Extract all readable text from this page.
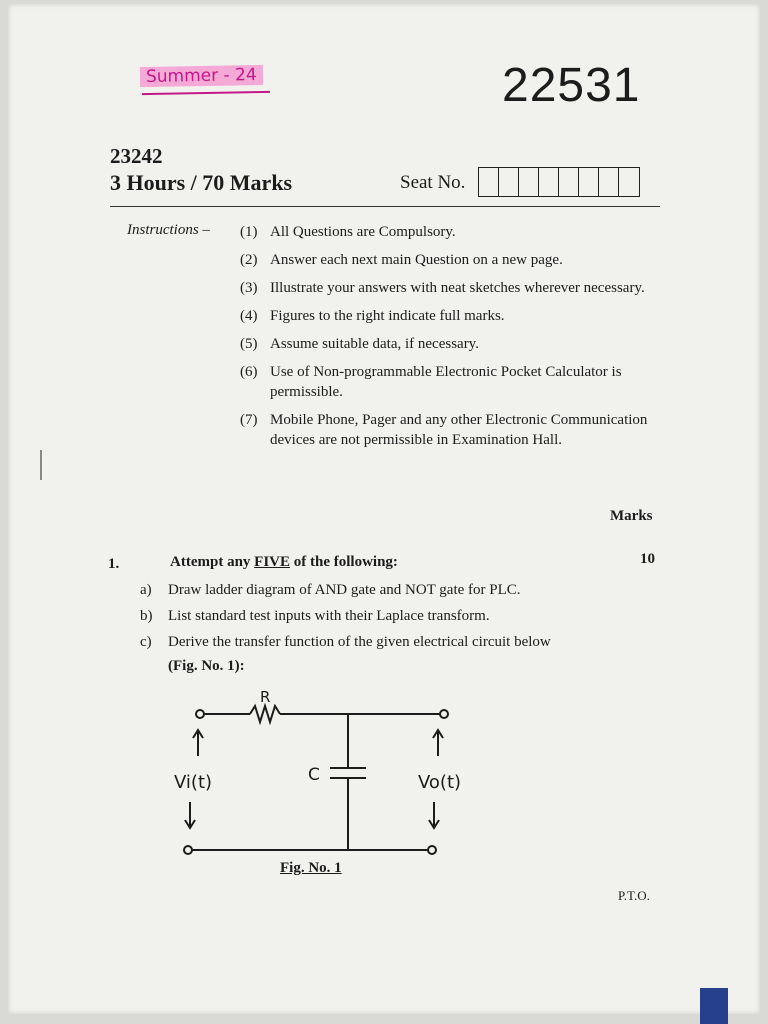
Summer - 24	22531
23242
3 Hours / 70 Marks	Seat No.
Instructions – (1) All Questions are Compulsory.
(2) Answer each next main Question on a new page.
(3) Illustrate your answers with neat sketches wherever necessary.
(4) Figures to the right indicate full marks.
(5) Assume suitable data, if necessary.
(6) Use of Non-programmable Electronic Pocket Calculator is permissible.
(7) Mobile Phone, Pager and any other Electronic Communication devices are not permissible in Examination Hall.
Marks
1.	Attempt any FIVE of the following:	10
a) Draw ladder diagram of AND gate and NOT gate for PLC.
b) List standard test inputs with their Laplace transform.
c) Derive the transfer function of the given electrical circuit below
(Fig. No. 1):
R
C
Vi(t)	Vo(t)
Fig. No. 1
P.T.O.
